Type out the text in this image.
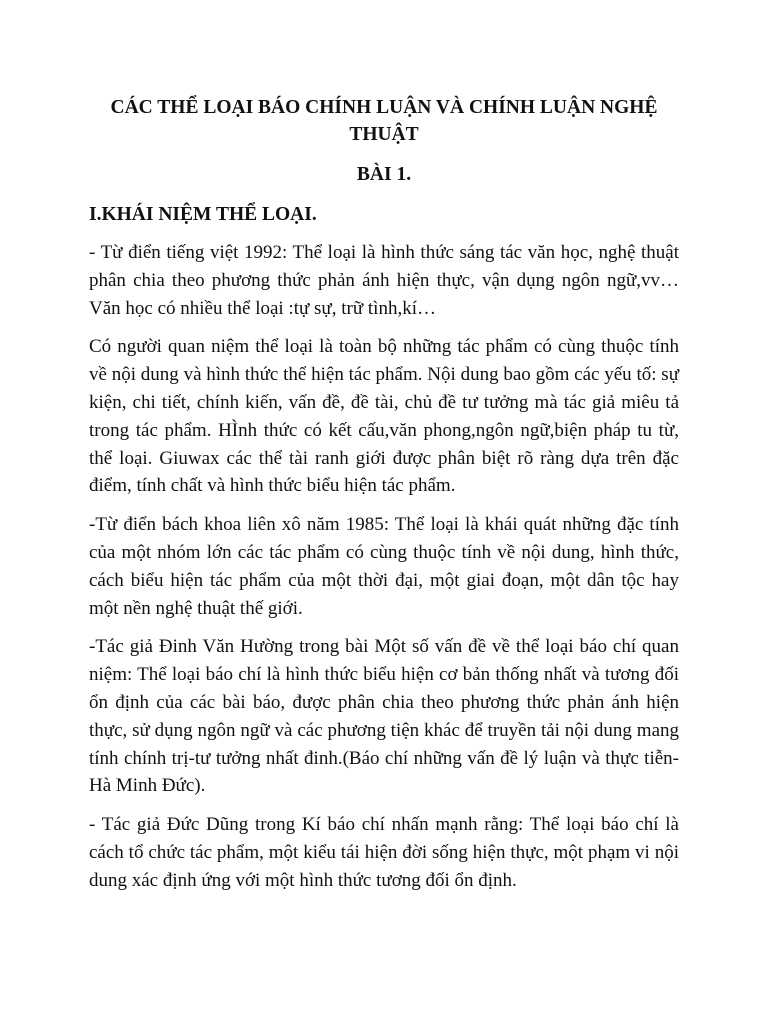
CÁC THỂ LOẠI BÁO CHÍNH LUẬN VÀ CHÍNH LUẬN NGHỆ THUẬT

BÀI 1.

I.KHÁI NIỆM THỂ LOẠI.

- Từ điển tiếng việt 1992: Thể loại là hình thức sáng tác văn học, nghệ thuật phân chia theo phương thức phản ánh hiện thực, vận dụng ngôn ngữ,vv…Văn học có nhiều thể loại :tự sự, trữ tình,kí…

Có người quan niệm thể loại là toàn bộ những tác phẩm có cùng thuộc tính về nội dung và hình thức thể hiện tác phẩm. Nội dung bao gồm các yếu tố: sự kiện, chi tiết, chính kiến, vấn đề, đề tài, chủ đề tư tưởng mà tác giả miêu tả trong tác phẩm. HÌnh thức có kết cấu,văn phong,ngôn ngữ,biện pháp tu từ, thể loại. Giuwax các thể tài ranh giới được phân biệt rõ ràng dựa trên đặc điểm, tính chất và hình thức biểu hiện tác phẩm.

-Từ điển bách khoa liên xô năm 1985: Thể loại là khái quát những đặc tính của một nhóm lớn các tác phẩm có cùng thuộc tính về nội dung, hình thức, cách biểu hiện tác phẩm của một thời đại, một giai đoạn, một dân tộc hay một nền nghệ thuật thế giới.

-Tác giả Đinh Văn Hường trong bài Một số vấn đề về thể loại báo chí quan niệm: Thể loại báo chí là hình thức biểu hiện cơ bản thống nhất và tương đối ổn định của các bài báo, được phân chia theo phương thức phản ánh hiện thực, sử dụng ngôn ngữ và các phương tiện khác để truyền tải nội dung mang tính chính trị-tư tưởng nhất đinh.(Báo chí những vấn đề lý luận và thực tiễn- Hà Minh Đức).

- Tác giả Đức Dũng trong Kí báo chí nhấn mạnh rằng: Thể loại báo chí là cách tổ chức tác phẩm, một kiểu tái hiện đời sống hiện thực, một phạm vi nội dung xác định ứng với một hình thức tương đối ổn định.
